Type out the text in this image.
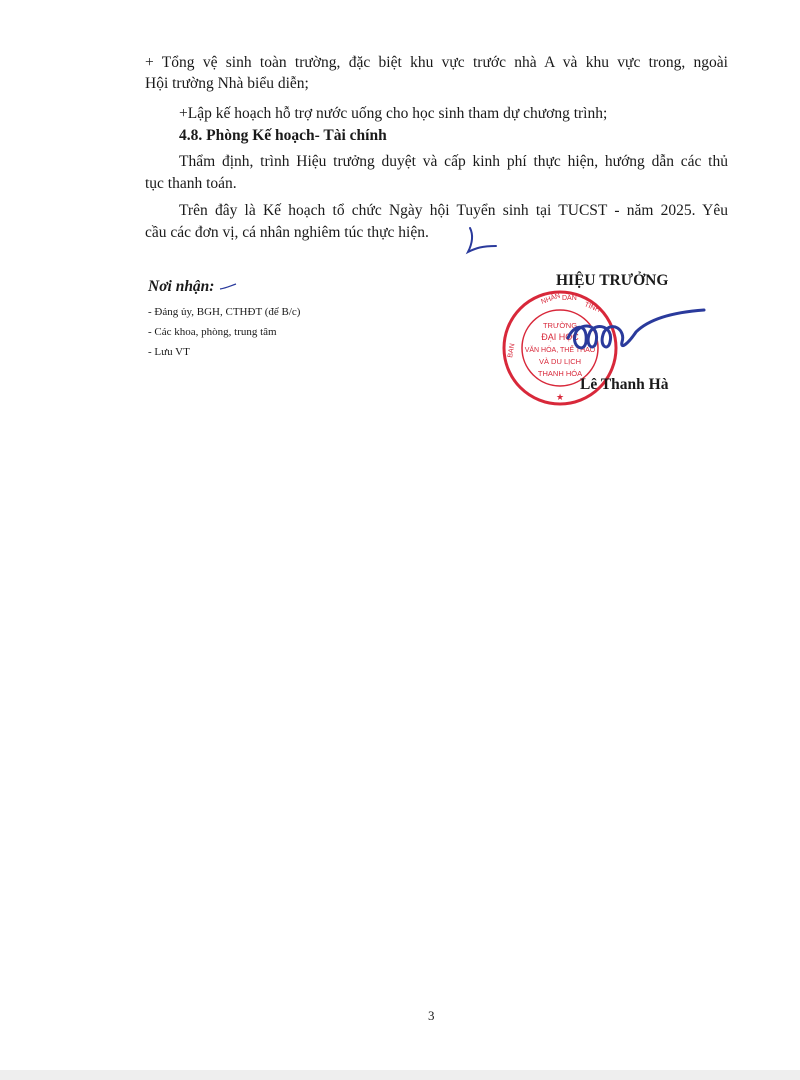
+ Tổng vệ sinh toàn trường, đặc biệt khu vực trước nhà A và khu vực trong, ngoài
Hội trường Nhà biểu diễn;
+Lập kế hoạch hỗ trợ nước uống cho học sinh tham dự chương trình;
4.8. Phòng Kế hoạch- Tài chính
Thẩm định, trình Hiệu trưởng duyệt và cấp kinh phí thực hiện, hướng dẫn các thủ
tục thanh toán.
Trên đây là Kế hoạch tổ chức Ngày hội Tuyển sinh tại TUCST - năm 2025. Yêu
cầu các đơn vị, cá nhân nghiêm túc thực hiện.
Nơi nhận:
- Đảng ủy, BGH, CTHĐT (để B/c)
- Các khoa, phòng, trung tâm
- Lưu VT
HIỆU TRƯỞNG
TRƯỜNG
ĐẠI HỌC
VĂN HÓA, THỂ THAO
VÀ DU LỊCH
THANH HÓA
NHÂN DÂN
TỈNH
BAN
★
Lê Thanh Hà
3
